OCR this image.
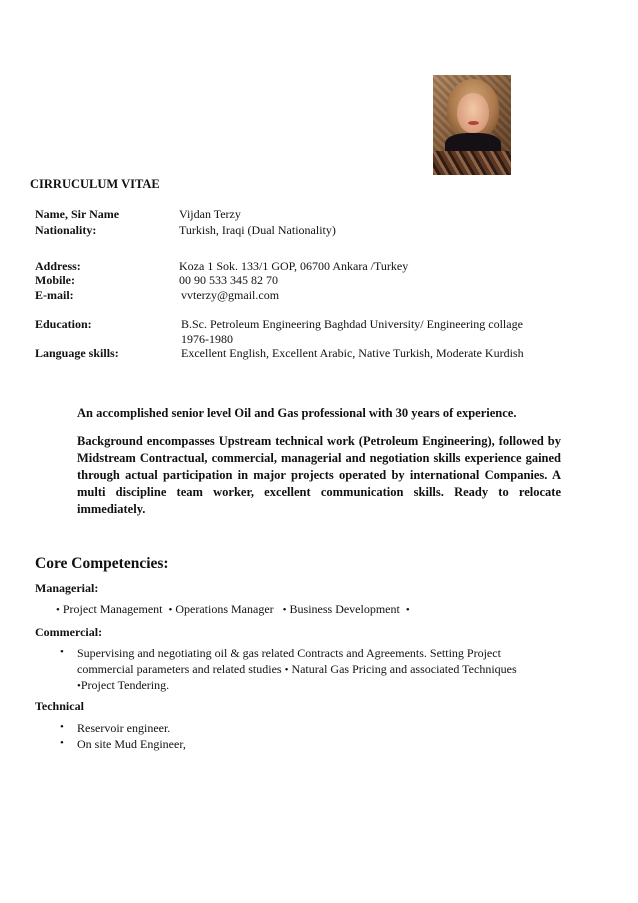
CIRRUCULUM VITAE
Name, Sir Name	Vijdan Terzy
Nationality:	Turkish, Iraqi (Dual Nationality)
Address:	Koza 1 Sok. 133/1 GOP, 06700 Ankara /Turkey
Mobile:	00 90 533 345 82 70
E-mail:	vvterzy@gmail.com
Education:	B.Sc. Petroleum Engineering Baghdad University/ Engineering collage
1976-1980
Language skills:	Excellent English, Excellent Arabic, Native Turkish, Moderate Kurdish
An accomplished senior level Oil and Gas professional with 30 years of experience.
Background encompasses Upstream technical work (Petroleum Engineering), followed by Midstream Contractual, commercial, managerial and negotiation skills experience gained through actual participation in major projects operated by international Companies. A multi discipline team worker, excellent communication skills. Ready to relocate immediately.
Core Competencies:
Managerial:
• Project Management • Operations Manager • Business Development •
Commercial:
• Supervising and negotiating oil & gas related Contracts and Agreements. Setting Project
commercial parameters and related studies • Natural Gas Pricing and associated Techniques
•Project Tendering.
Technical
• Reservoir engineer.
• On site Mud Engineer,
